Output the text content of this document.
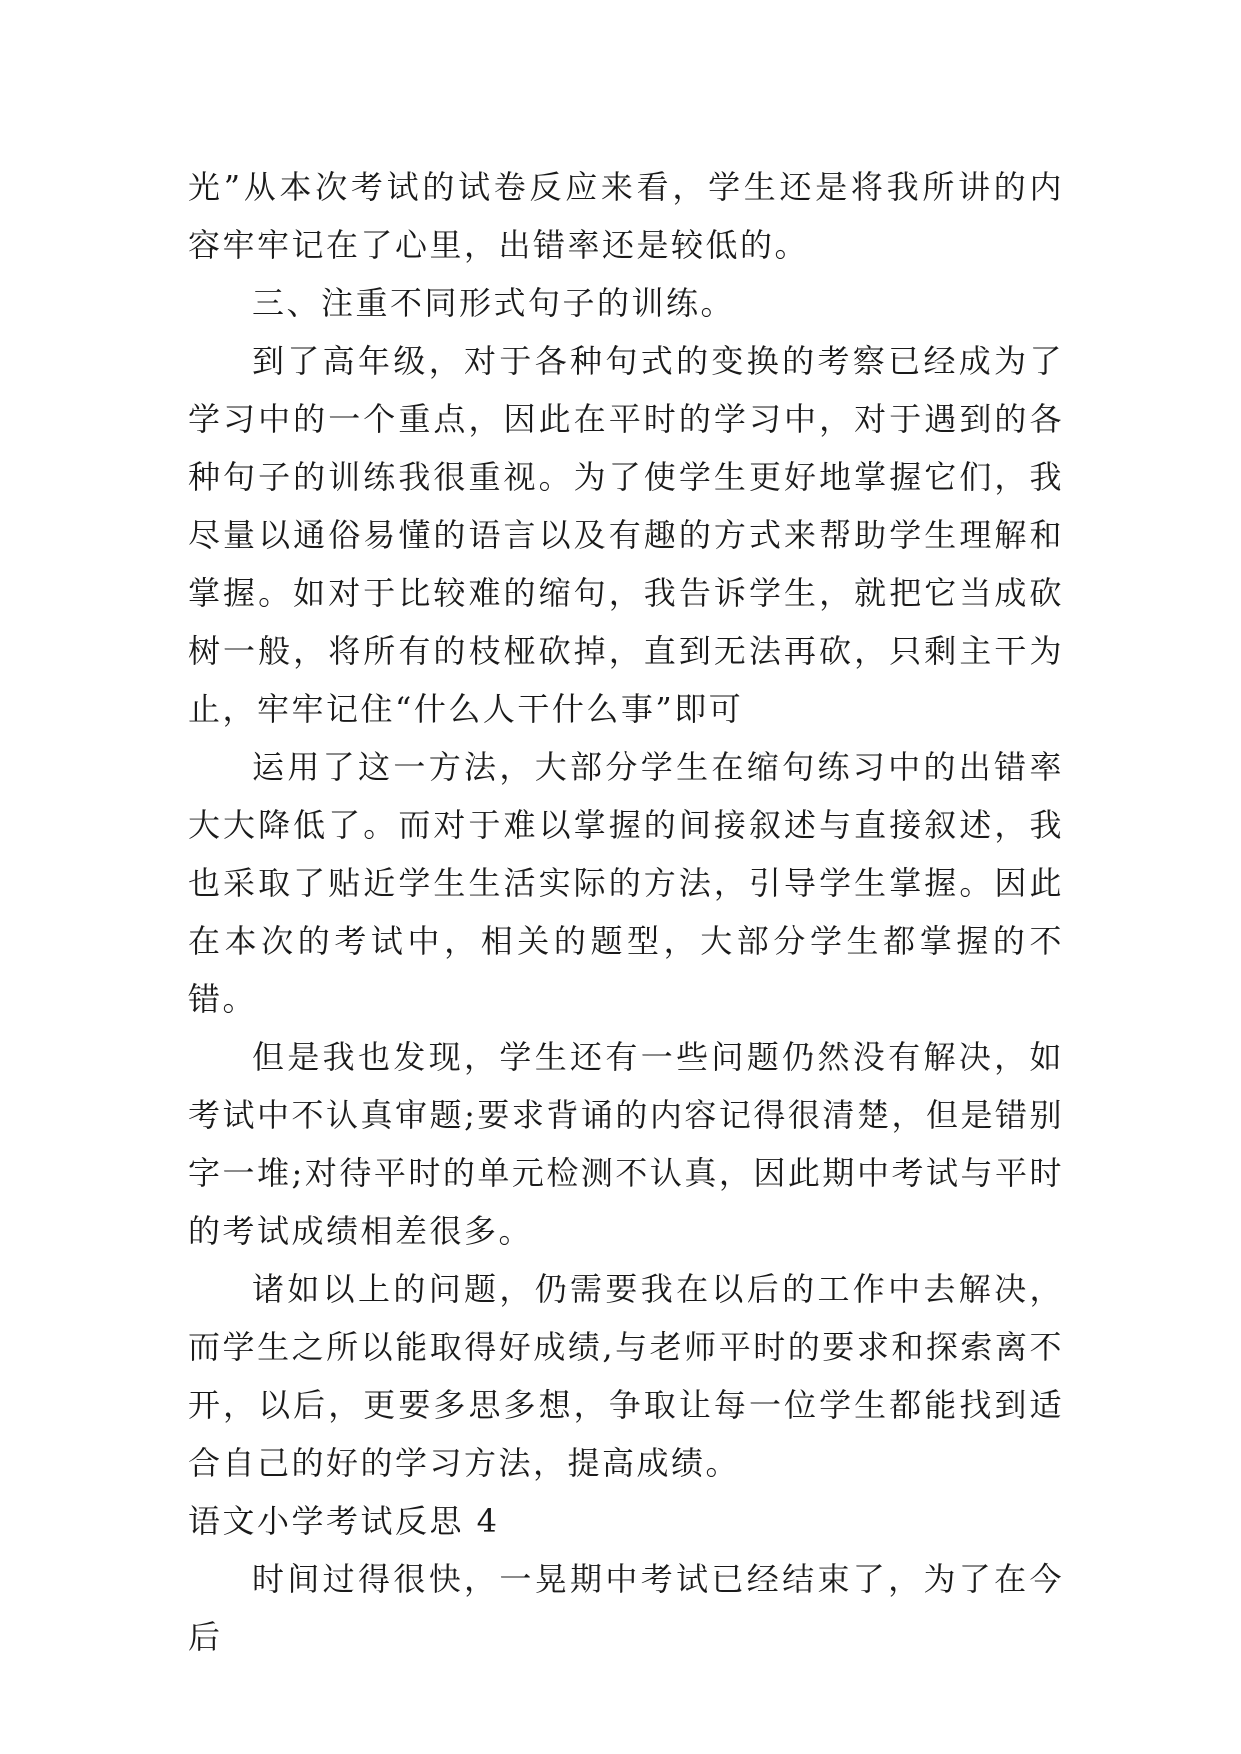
光”从本次考试的试卷反应来看，学生还是将我所讲的内容牢牢记在了心里，出错率还是较低的。

三、注重不同形式句子的训练。

到了高年级，对于各种句式的变换的考察已经成为了学习中的一个重点，因此在平时的学习中，对于遇到的各种句子的训练我很重视。为了使学生更好地掌握它们，我尽量以通俗易懂的语言以及有趣的方式来帮助学生理解和掌握。如对于比较难的缩句，我告诉学生，就把它当成砍树一般，将所有的枝桠砍掉，直到无法再砍，只剩主干为止，牢牢记住“什么人干什么事”即可

运用了这一方法，大部分学生在缩句练习中的出错率大大降低了。而对于难以掌握的间接叙述与直接叙述，我也采取了贴近学生生活实际的方法，引导学生掌握。因此在本次的考试中，相关的题型，大部分学生都掌握的不错。

但是我也发现，学生还有一些问题仍然没有解决，如考试中不认真审题;要求背诵的内容记得很清楚，但是错别字一堆;对待平时的单元检测不认真，因此期中考试与平时的考试成绩相差很多。

诸如以上的问题，仍需要我在以后的工作中去解决，而学生之所以能取得好成绩,与老师平时的要求和探索离不开，以后，更要多思多想，争取让每一位学生都能找到适合自己的好的学习方法，提高成绩。

语文小学考试反思 4

时间过得很快，一晃期中考试已经结束了，为了在今后
